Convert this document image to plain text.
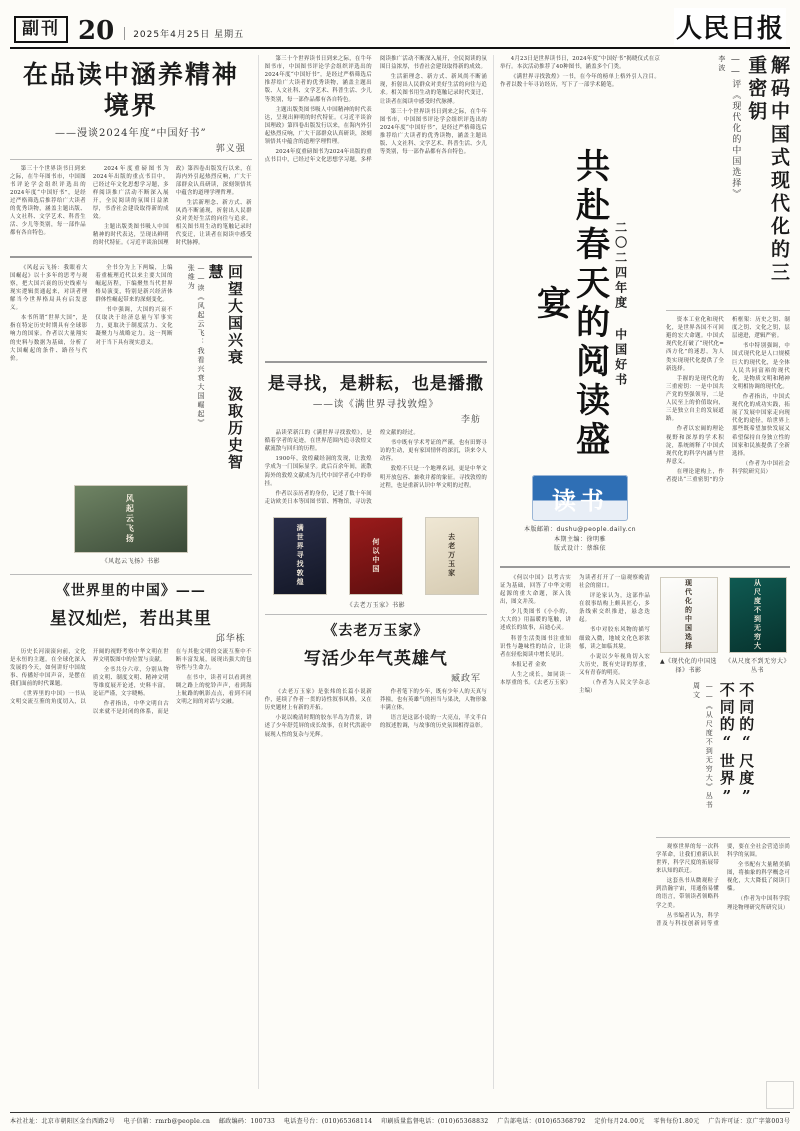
副刊 20	2025年4月25日 星期五	人民日报
在品读中涵养精神境界
——漫谈2024年度“中国好书”
郭义强

第三十个世界读书日到来之际，在牛年图书市，中国图书评论学会组织评选出的2024年度“中国好书”，是经过严格筛选后推荐给广大读者的优秀读物，涵盖主题出版、人文社科、文学艺术、科普生活、少儿等类别，每一部作品都有各自特色。

2024年度重磅图书为2024年出版的重点书目中，已经过年文化思想学习题，多样阅读推广活动不断深入展开，全民阅读的氛围日益浓厚，书香社会建设取得新的成效。

主题出版类图书吸人中国精神的时代表达，呈现出鲜明的时代特征。《习近平谈治国理政》第四卷出版发行以来，在海内外引起热烈反响，广大干部群众认真研读，深刻领悟其中蕴含的道理学理哲理。

生活新理念、新方式、新风尚不断涌现，折射出人民群众对美好生活的向往与追求。相关图书用生动的笔触记录时代变迁，让读者在阅读中感受时代脉搏。

《风起云飞扬：我眼看大国崛起》以十多年的思考与观察，把大国兴衰的历史线索与现实逻辑贯通起来，对读者理解当今世界格局具有启发意义。

本书所谓“世界大国”，是指在特定历史时期具有全球影响力的国家。作者以大量翔实的史料与数据为基础，分析了大国崛起的条件、路径与代价。

全书分为上下两编，上编着重梳理近代以来主要大国的崛起历程，下编聚焦当代世界格局演变，特别是新兴经济体群体性崛起带来的深刻变化。

书中强调，大国的兴衰不仅取决于经济总量与军事实力，更取决于制度活力、文化凝聚力与战略定力。这一判断对于当下具有现实意义。

张维为 ——读《风起云飞：我看兴衰大国崛起》	回望大国兴衰 汲取历史智慧
风起云飞扬
《风起云飞扬》书影
《世界里的中国》——
星汉灿烂，若出其里
邱华栋

历史长河滚滚向前，文化是永恒的主题。在全球化深入发展的今天，如何讲好中国故事、传播好中国声音，是摆在我们面前的时代课题。

《世界里的中国》一书从文明交流互鉴的角度切入，以开阔的视野考察中华文明在世界文明版图中的位置与贡献。

全书共分六章，分别从物质文明、制度文明、精神文明等维度展开论述，史料丰富，论证严谨，文字晓畅。

作者指出，中华文明自古以来就不是封闭的体系，而是在与其他文明的交流互鉴中不断丰富发展，展现出强大的包容性与生命力。

在书中，读者可以看到丝绸之路上的驼铃声声，看到海上航路的帆影点点，看到不同文明之间的对话与交融。

第三十个世界读书日到来之际，在牛年图书市，中国图书评论学会组织评选出的2024年度“中国好书”，是经过严格筛选后推荐给广大读者的优秀读物，涵盖主题出版、人文社科、文学艺术、科普生活、少儿等类别，每一部作品都有各自特色。

主题出版类图书吸人中国精神的时代表达，呈现出鲜明的时代特征。《习近平谈治国理政》第四卷出版发行以来，在海内外引起热烈反响，广大干部群众认真研读，深刻领悟其中蕴含的道理学理哲理。

2024年度重磅图书为2024年出版的重点书目中，已经过年文化思想学习题，多样阅读推广活动不断深入展开，全民阅读的氛围日益浓厚，书香社会建设取得新的成效。

生活新理念、新方式、新风尚不断涌现，折射出人民群众对美好生活的向往与追求。相关图书用生动的笔触记录时代变迁，让读者在阅读中感受时代脉搏。

第三十个世界读书日到来之际，在牛年图书市，中国图书评论学会组织评选出的2024年度“中国好书”，是经过严格筛选后推荐给广大读者的优秀读物，涵盖主题出版、人文社科、文学艺术、科普生活、少儿等类别，每一部作品都有各自特色。

是寻找，是耕耘，也是播撒
——读《满世界寻找敦煌》
李舫

品读荣新江的《满世界寻找敦煌》，是循着学者的足迹，在世界范围内追寻敦煌文献流散与回归的历程。

1900年，敦煌藏经洞的发现，让敦煌学成为一门国际显学。此后百余年间，流散海外的敦煌文献成为几代中国学者心中的牵挂。

作者以亲历者的身份，记述了数十年间走访欧美日本等国图书馆、博物馆，寻访敦煌文献的经过。

书中既有学术考证的严谨，也有田野寻访的生动，更有家国情怀的深沉，读来令人动容。

敦煌不只是一个地理名词，更是中华文明开放包容、兼收并蓄的象征。寻找敦煌的过程，也是重新认识中华文明的过程。

满世界寻找敦煌	何以中国	去老万玉家
《去老万玉家》书影
《去老万玉家》
写活少年气英雄气
臧政军

《去老万玉家》是张炜的长篇小说新作，延续了作者一贯的诗性叙事风格，又在历史题材上有新的开拓。

小说以晚清时期的胶东半岛为背景，讲述了少年舒莞屏的成长故事，在时代洪流中展现人性的复杂与光辉。

作者笔下的少年，既有少年人的天真与莽撞，也有英雄气的担当与果决，人物形象丰满立体。

语言是这部小说的一大亮点，半文半白的叙述腔调，与故事的历史氛围相得益彰。

4月23日是世界读书日，2024年度“中国好书”揭晓仪式在京举行。本次活动推荐了40种图书，涵盖多个门类。

《满世界寻找敦煌》一书，在今年的榜单上格外引人注目。作者以数十年寻访经历，写下了一部学术随笔。

共赴春天的阅读盛宴	二〇二四年度 中国好书
读书
本版邮箱：dushu@people.daily.cn
本期主编：徐明雅
版式设计：蔡维依
李波 ——评《现代化的中国选择》	解码中国式现代化的三重密钥

资本工业化和现代化，是世界各国不可回避的宏大命题。中国式现代化打破了“现代化=西方化”的迷思，为人类实现现代化提供了全新选择。

手握的是现代化的三重密钥：一是中国共产党的坚强领导，二是人民至上的价值取向，三是独立自主的发展道路。

作者以宏阔的理论视野和深厚的学术积淀，系统阐释了中国式现代化的科学内涵与世界意义。

在理论建构上，作者提出“三重密钥”的分析框架：历史之钥、制度之钥、文化之钥，层层递进，逻辑严密。

书中特别强调，中国式现代化是人口规模巨大的现代化，是全体人民共同富裕的现代化，是物质文明和精神文明相协调的现代化。

作者指出，中国式现代化的成功实践，拓展了发展中国家走向现代化的途径，给世界上那些既希望加快发展又希望保持自身独立性的国家和民族提供了全新选择。

（作者为中国社会科学院研究员）

《何以中国》以考古实证为基础，回答了中华文明起源的重大命题，深入浅出，图文并茂。

少儿类图书《小小的，大大的》用温暖的笔触，讲述成长的故事，启迪心灵。

科普生活类图书注重知识性与趣味性的结合，让读者在轻松阅读中增长见识。

本报记者 金欢

人生之成长，如同读一本厚重的书。《去老万玉家》为读者打开了一扇观察晚清社会的窗口。

评论家认为，这部作品在叙事结构上颇具匠心，多条线索交织推进，悬念迭起。

书中对胶东风物的描写细致入微，地域文化色彩浓郁，读之如临其境。

小说以少年视角切入宏大历史，既有史诗的厚重，又有青春的明亮。

（作者为人民文学杂志主编）

现代化的中国选择
▲《现代化的中国选择》书影
从尺度不到无穷大
《从尺度不到无穷大》丛书
周文 ——《从尺度不到无穷大》丛书	不同的“尺度” 不同的“世界”

观察世界的每一次科学革命，让我们重新认识世界，科学尺度的拓展带来认知的跃迁。

这套丛书从微观粒子到浩瀚宇宙，用通俗易懂的语言，带领读者领略科学之美。

丛书编者认为，科学普及与科技创新同等重要，要在全社会营造崇尚科学的氛围。

全书配有大量精美插图，将抽象的科学概念可视化，大大降低了阅读门槛。

（作者为中国科学院理论物理研究所研究员）

本社社址：北京市朝阳区金台西路2号 电子信箱：rmrb@people.cn 邮政编码：100733 电话查号台：(010)65368114 印刷质量监督电话：(010)65368832 广告部电话：(010)65368792 定价每月24.00元 零售每份1.80元 广告许可证：京广字第003号
